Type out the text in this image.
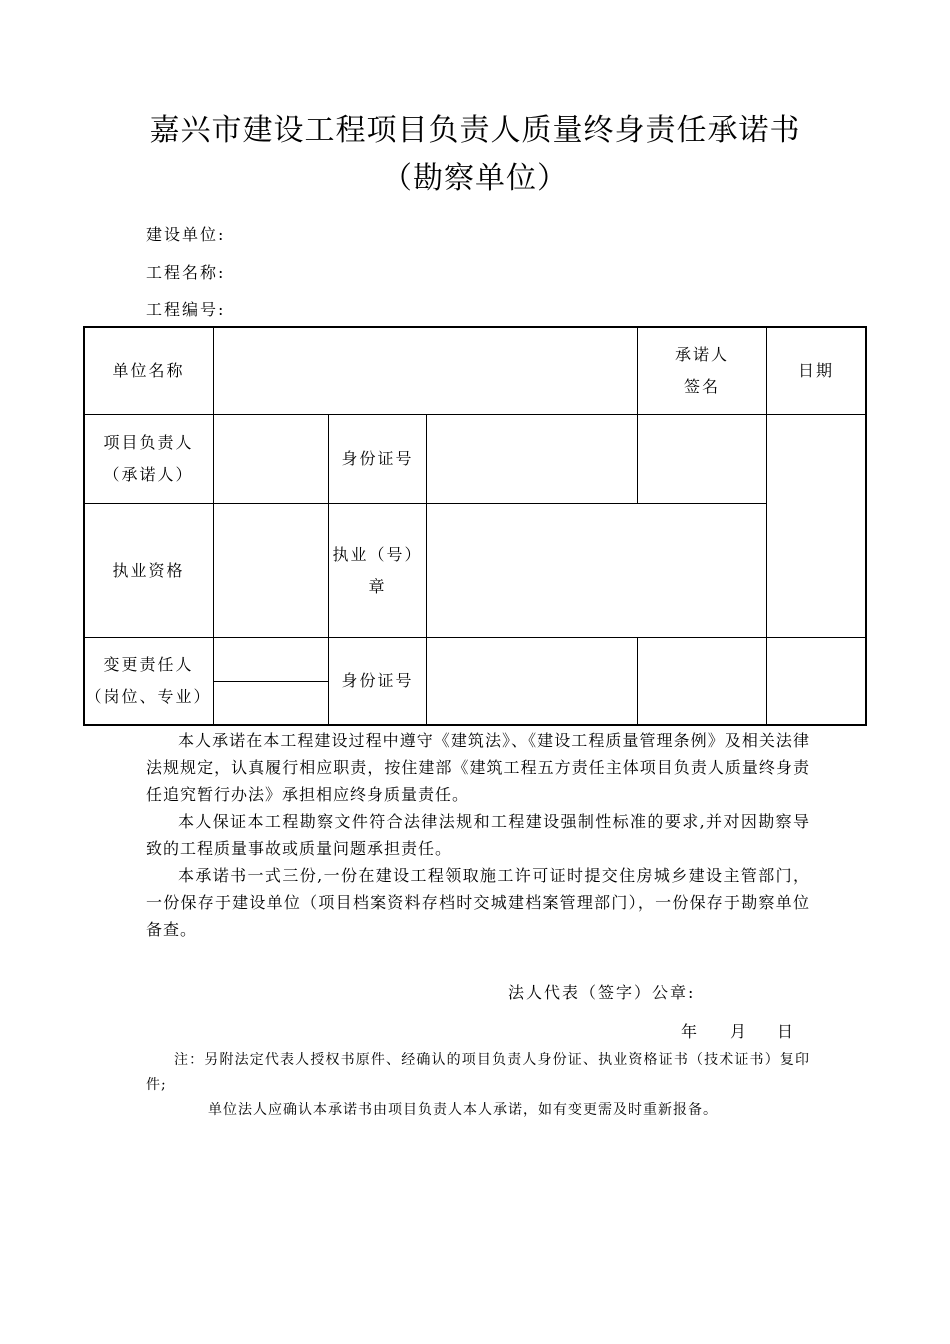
嘉兴市建设工程项目负责人质量终身责任承诺书
（勘察单位）
建设单位:
工程名称:
工程编号:
单位名称
承诺人
签名
日期
项目负责人
（承诺人）
身份证号
执业资格
执业（号）
章
变更责任人
（岗位、专业）
身份证号
本人承诺在本工程建设过程中遵守《建筑法》、《建设工程质量管理条例》及相关法律法规规定，认真履行相应职责，按住建部《建筑工程五方责任主体项目负责人质量终身责任追究暂行办法》承担相应终身质量责任。
本人保证本工程勘察文件符合法律法规和工程建设强制性标准的要求,并对因勘察导致的工程质量事故或质量问题承担责任。
本承诺书一式三份,一份在建设工程领取施工许可证时提交住房城乡建设主管部门，一份保存于建设单位（项目档案资料存档时交城建档案管理部门），一份保存于勘察单位备查。
法人代表（签字）公章:
年 月 日
注：另附法定代表人授权书原件、经确认的项目负责人身份证、执业资格证书（技术证书）复印件;
单位法人应确认本承诺书由项目负责人本人承诺，如有变更需及时重新报备。
